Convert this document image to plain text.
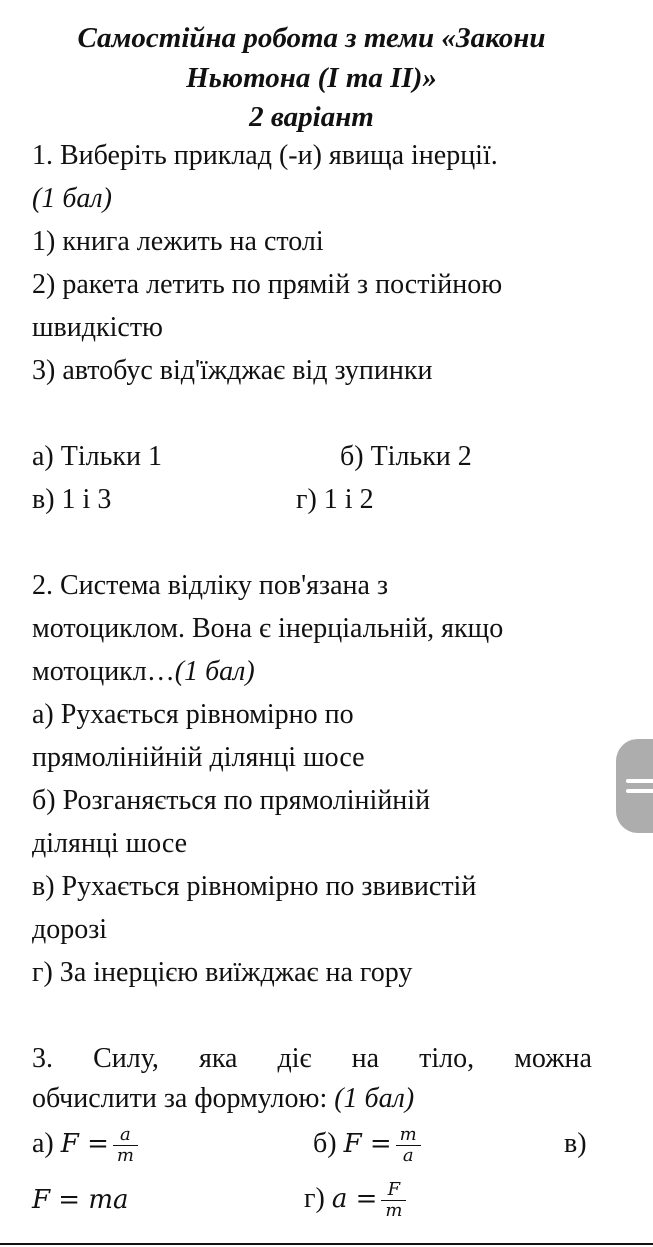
Самостійна робота з теми «Закони
Ньютона (І та ІІ)»
2 варіант
1. Виберіть приклад (-и) явища інерції.
(1 бал)
1) книга лежить на столі
2) ракета летить по прямій з постійною
швидкістю
3) автобус від'їжджає від зупинки
а) Тільки 1	б) Тільки 2
в) 1 і 3	г) 1 і 2
2. Система відліку пов'язана з
мотоциклом. Вона є інерціальній, якщо
мотоцикл…(1 бал)
а) Рухається рівномірно по
прямолінійній ділянці шосе
б) Розганяється по прямолінійній
ділянці шосе
в) Рухається рівномірно по звивистій
дорозі
г) За інерцією виїжджає на гору
3. Силу, яка діє на тіло, можна
обчислити за формулою: (1 бал)
а) $F = \frac{a}{m}$	б) $F = \frac{m}{a}$	в)
F = ma	г) $a = \frac{F}{m}$
